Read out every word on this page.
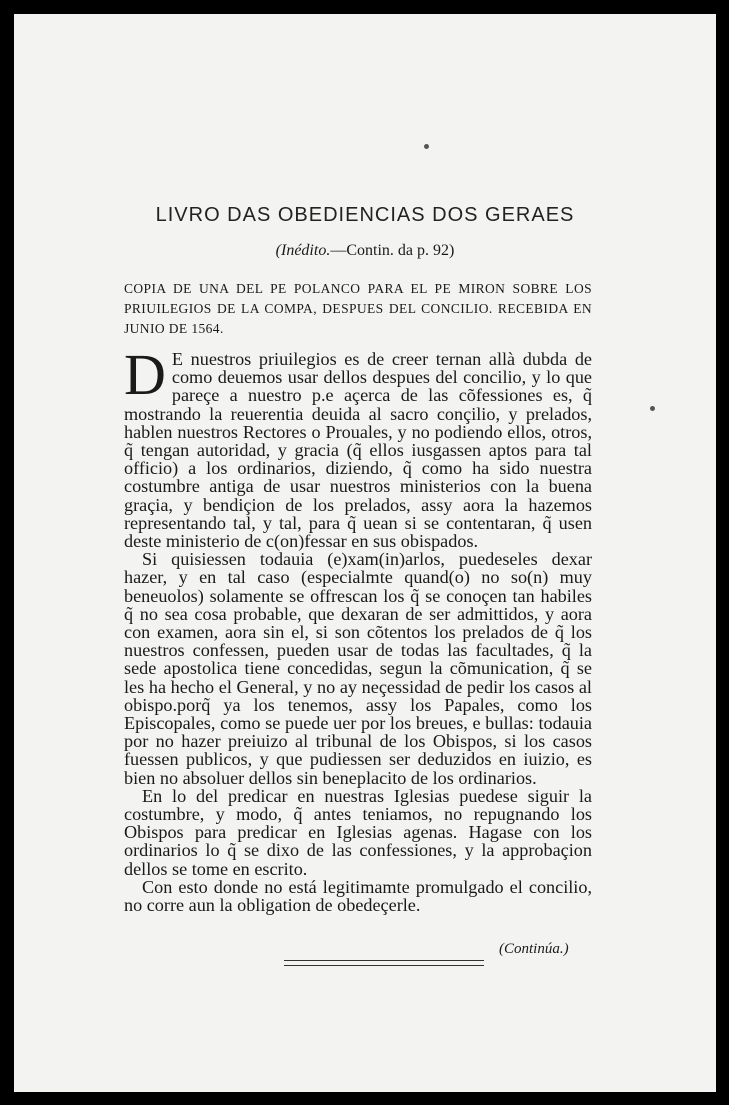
LIVRO DAS OBEDIENCIAS DOS GERAES
(Inédito.—Contin. da p. 92)
COPIA DE UNA DEL PE POLANCO PARA EL PE MIRON SOBRE LOS PRIUILEGIOS DE LA COMPA, DESPUES DEL CONCILIO. RECEBIDA EN JUNIO DE 1564.

D E nuestros priuilegios es de creer ternan allà dubda de como deuemos usar dellos despues del concilio, y lo que pareçe a nuestro p.e açerca de las cõfessiones es, q̃ mostrando la reuerentia deuida al sacro conçilio, y prelados, hablen nuestros Rectores o Prouales, y no podiendo ellos, otros, q̃ tengan autoridad, y gracia (q̃ ellos iusgassen aptos para tal officio) a los ordinarios, diziendo, q̃ como ha sido nuestra costumbre antiga de usar nuestros ministerios con la buena graçia, y bendiçion de los prelados, assy aora la hazemos representando tal, y tal, para q̃ uean si se contentaran, q̃ usen deste ministerio de c(on)fessar en sus obispados.

Si quisiessen todauia (e)xam(in)arlos, puedeseles dexar hazer, y en tal caso (especialmte quand(o) no so(n) muy beneuolos) solamente se offrescan los q̃ se conoçen tan habiles q̃ no sea cosa probable, que dexaran de ser admittidos, y aora con examen, aora sin el, si son cõtentos los prelados de q̃ los nuestros confessen, pueden usar de todas las facultades, q̃ la sede apostolica tiene concedidas, segun la cõmunication, q̃ se les ha hecho el General, y no ay neçessidad de pedir los casos al obispo.porq̃ ya los tenemos, assy los Papales, como los Episcopales, como se puede uer por los breues, e bullas: todauia por no hazer preiuizo al tribunal de los Obispos, si los casos fuessen publicos, y que pudiessen ser deduzidos en iuizio, es bien no absoluer dellos sin beneplacito de los ordinarios.

En lo del predicar en nuestras Iglesias puedese siguir la costumbre, y modo, q̃ antes teniamos, no repugnando los Obispos para predicar en Iglesias agenas. Hagase con los ordinarios lo q̃ se dixo de las confessiones, y la approbaçion dellos se tome en escrito.

Con esto donde no está legitimamte promulgado el concilio, no corre aun la obligation de obedeçerle.

(Continúa.)
